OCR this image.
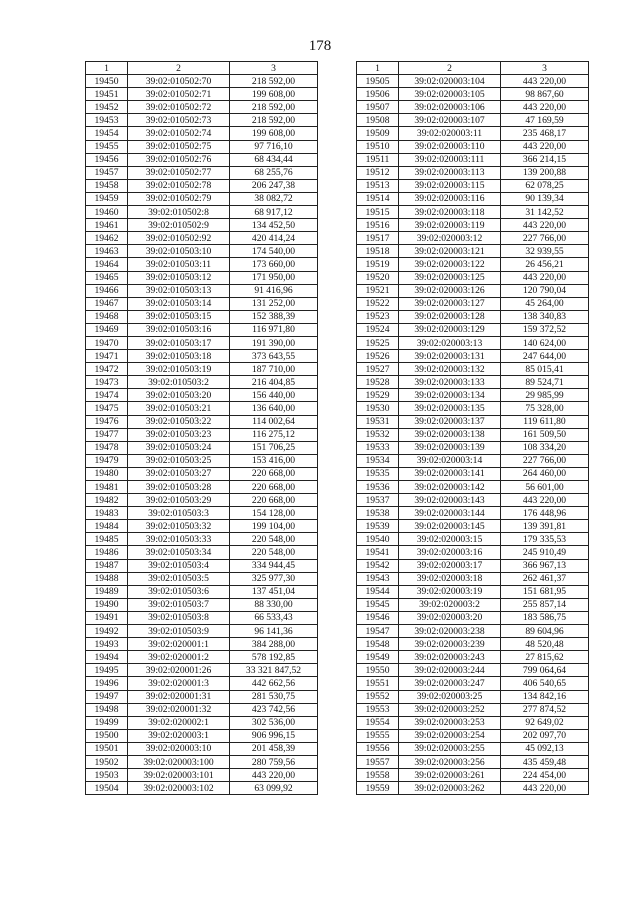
178
1	2	3
19450	39:02:010502:70	218 592,00
19451	39:02:010502:71	199 608,00
19452	39:02:010502:72	218 592,00
19453	39:02:010502:73	218 592,00
19454	39:02:010502:74	199 608,00
19455	39:02:010502:75	97 716,10
19456	39:02:010502:76	68 434,44
19457	39:02:010502:77	68 255,76
19458	39:02:010502:78	206 247,38
19459	39:02:010502:79	38 082,72
19460	39:02:010502:8	68 917,12
19461	39:02:010502:9	134 452,50
19462	39:02:010502:92	420 414,24
19463	39:02:010503:10	174 540,00
19464	39:02:010503:11	173 660,00
19465	39:02:010503:12	171 950,00
19466	39:02:010503:13	91 416,96
19467	39:02:010503:14	131 252,00
19468	39:02:010503:15	152 388,39
19469	39:02:010503:16	116 971,80
19470	39:02:010503:17	191 390,00
19471	39:02:010503:18	373 643,55
19472	39:02:010503:19	187 710,00
19473	39:02:010503:2	216 404,85
19474	39:02:010503:20	156 440,00
19475	39:02:010503:21	136 640,00
19476	39:02:010503:22	114 002,64
19477	39:02:010503:23	116 275,12
19478	39:02:010503:24	151 706,25
19479	39:02:010503:25	153 416,00
19480	39:02:010503:27	220 668,00
19481	39:02:010503:28	220 668,00
19482	39:02:010503:29	220 668,00
19483	39:02:010503:3	154 128,00
19484	39:02:010503:32	199 104,00
19485	39:02:010503:33	220 548,00
19486	39:02:010503:34	220 548,00
19487	39:02:010503:4	334 944,45
19488	39:02:010503:5	325 977,30
19489	39:02:010503:6	137 451,04
19490	39:02:010503:7	88 330,00
19491	39:02:010503:8	66 533,43
19492	39:02:010503:9	96 141,36
19493	39:02:020001:1	384 288,00
19494	39:02:020001:2	578 192,85
19495	39:02:020001:26	33 321 847,52
19496	39:02:020001:3	442 662,56
19497	39:02:020001:31	281 530,75
19498	39:02:020001:32	423 742,56
19499	39:02:020002:1	302 536,00
19500	39:02:020003:1	906 996,15
19501	39:02:020003:10	201 458,39
19502	39:02:020003:100	280 759,56
19503	39:02:020003:101	443 220,00
19504	39:02:020003:102	63 099,92
1	2	3
19505	39:02:020003:104	443 220,00
19506	39:02:020003:105	98 867,60
19507	39:02:020003:106	443 220,00
19508	39:02:020003:107	47 169,59
19509	39:02:020003:11	235 468,17
19510	39:02:020003:110	443 220,00
19511	39:02:020003:111	366 214,15
19512	39:02:020003:113	139 200,88
19513	39:02:020003:115	62 078,25
19514	39:02:020003:116	90 139,34
19515	39:02:020003:118	31 142,52
19516	39:02:020003:119	443 220,00
19517	39:02:020003:12	227 766,00
19518	39:02:020003:121	32 939,55
19519	39:02:020003:122	26 456,21
19520	39:02:020003:125	443 220,00
19521	39:02:020003:126	120 790,04
19522	39:02:020003:127	45 264,00
19523	39:02:020003:128	138 340,83
19524	39:02:020003:129	159 372,52
19525	39:02:020003:13	140 624,00
19526	39:02:020003:131	247 644,00
19527	39:02:020003:132	85 015,41
19528	39:02:020003:133	89 524,71
19529	39:02:020003:134	29 985,99
19530	39:02:020003:135	75 328,00
19531	39:02:020003:137	119 611,80
19532	39:02:020003:138	161 509,50
19533	39:02:020003:139	108 334,20
19534	39:02:020003:14	227 766,00
19535	39:02:020003:141	264 460,00
19536	39:02:020003:142	56 601,00
19537	39:02:020003:143	443 220,00
19538	39:02:020003:144	176 448,96
19539	39:02:020003:145	139 391,81
19540	39:02:020003:15	179 335,53
19541	39:02:020003:16	245 910,49
19542	39:02:020003:17	366 967,13
19543	39:02:020003:18	262 461,37
19544	39:02:020003:19	151 681,95
19545	39:02:020003:2	255 857,14
19546	39:02:020003:20	183 586,75
19547	39:02:020003:238	89 604,96
19548	39:02:020003:239	48 520,48
19549	39:02:020003:243	27 815,62
19550	39:02:020003:244	799 064,64
19551	39:02:020003:247	406 540,65
19552	39:02:020003:25	134 842,16
19553	39:02:020003:252	277 874,52
19554	39:02:020003:253	92 649,02
19555	39:02:020003:254	202 097,70
19556	39:02:020003:255	45 092,13
19557	39:02:020003:256	435 459,48
19558	39:02:020003:261	224 454,00
19559	39:02:020003:262	443 220,00
